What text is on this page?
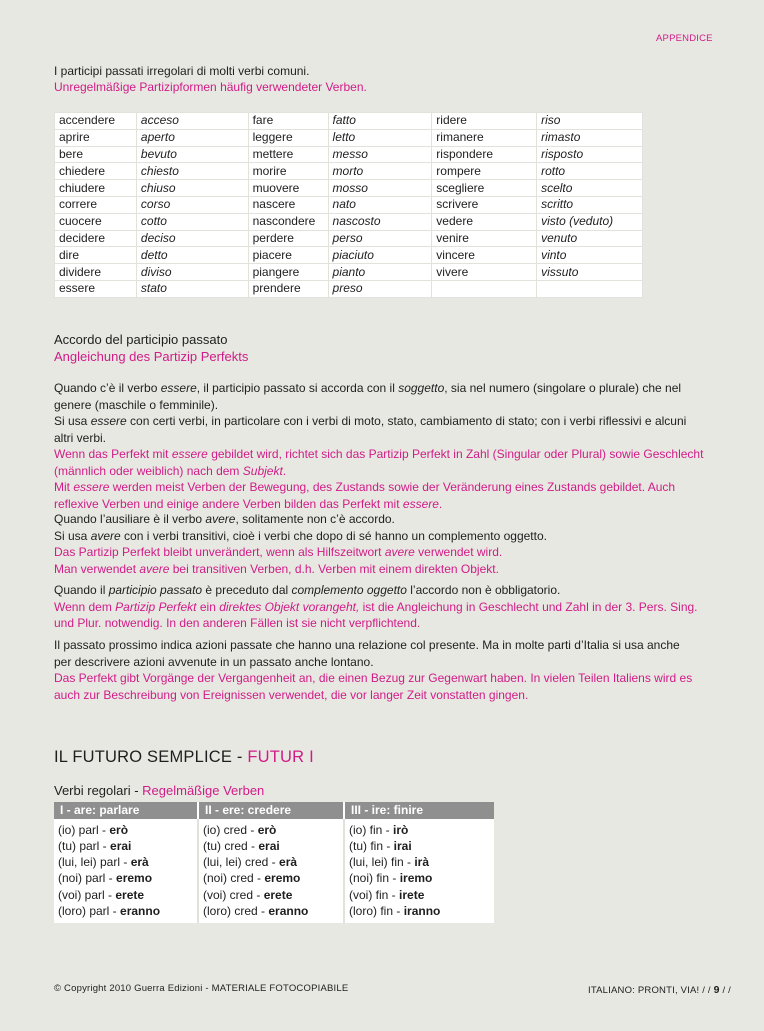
APPENDICE
I participi passati irregolari di molti verbi comuni.
Unregelmäßige Partizipformen häufig verwendeter Verben.
accendere	acceso	fare	fatto	ridere	riso
aprire	aperto	leggere	letto	rimanere	rimasto
bere	bevuto	mettere	messo	rispondere	risposto
chiedere	chiesto	morire	morto	rompere	rotto
chiudere	chiuso	muovere	mosso	scegliere	scelto
correre	corso	nascere	nato	scrivere	scritto
cuocere	cotto	nascondere	nascosto	vedere	visto (veduto)
decidere	deciso	perdere	perso	venire	venuto
dire	detto	piacere	piaciuto	vincere	vinto
dividere	diviso	piangere	pianto	vivere	vissuto
essere	stato	prendere	preso		
Accordo del participio passato
Angleichung des Partizip Perfekts
Quando c’è il verbo essere, il participio passato si accorda con il soggetto, sia nel numero (singolare o plurale) che nel
genere (maschile o femminile).
Si usa essere con certi verbi, in particolare con i verbi di moto, stato, cambiamento di stato; con i verbi riflessivi e alcuni
altri verbi.
Wenn das Perfekt mit essere gebildet wird, richtet sich das Partizip Perfekt in Zahl (Singular oder Plural) sowie Geschlecht
(männlich oder weiblich) nach dem Subjekt.
Mit essere werden meist Verben der Bewegung, des Zustands sowie der Veränderung eines Zustands gebildet. Auch
reflexive Verben und einige andere Verben bilden das Perfekt mit essere.
Quando l’ausiliare è il verbo avere, solitamente non c’è accordo.
Si usa avere con i verbi transitivi, cioè i verbi che dopo di sé hanno un complemento oggetto.
Das Partizip Perfekt bleibt unverändert, wenn als Hilfszeitwort avere verwendet wird.
Man verwendet avere bei transitiven Verben, d.h. Verben mit einem direkten Objekt.
Quando il participio passato è preceduto dal complemento oggetto l’accordo non è obbligatorio.
Wenn dem Partizip Perfekt ein direktes Objekt vorangeht, ist die Angleichung in Geschlecht und Zahl in der 3. Pers. Sing.
und Plur. notwendig. In den anderen Fällen ist sie nicht verpflichtend.
Il passato prossimo indica azioni passate che hanno una relazione col presente. Ma in molte parti d’Italia si usa anche
per descrivere azioni avvenute in un passato anche lontano.
Das Perfekt gibt Vorgänge der Vergangenheit an, die einen Bezug zur Gegenwart haben. In vielen Teilen Italiens wird es
auch zur Beschreibung von Ereignissen verwendet, die vor langer Zeit vonstatten gingen.
IL FUTURO SEMPLICE - FUTUR I
Verbi regolari - Regelmäßige Verben
I - are: parlare	II - ere: credere	III - ire: finire
(io) parl - erò	(io) cred - erò	(io) fin - irò
(tu) parl - erai	(tu) cred - erai	(tu) fin - irai
(lui, lei) parl - erà	(lui, lei) cred - erà	(lui, lei) fin - irà
(noi) parl - eremo	(noi) cred - eremo	(noi) fin - iremo
(voi) parl - erete	(voi) cred - erete	(voi) fin - irete
(loro) parl - eranno	(loro) cred - eranno	(loro) fin - iranno
© Copyright 2010 Guerra Edizioni - MATERIALE FOTOCOPIABILE	ITALIANO: PRONTI, VIA! / / 9 / /
